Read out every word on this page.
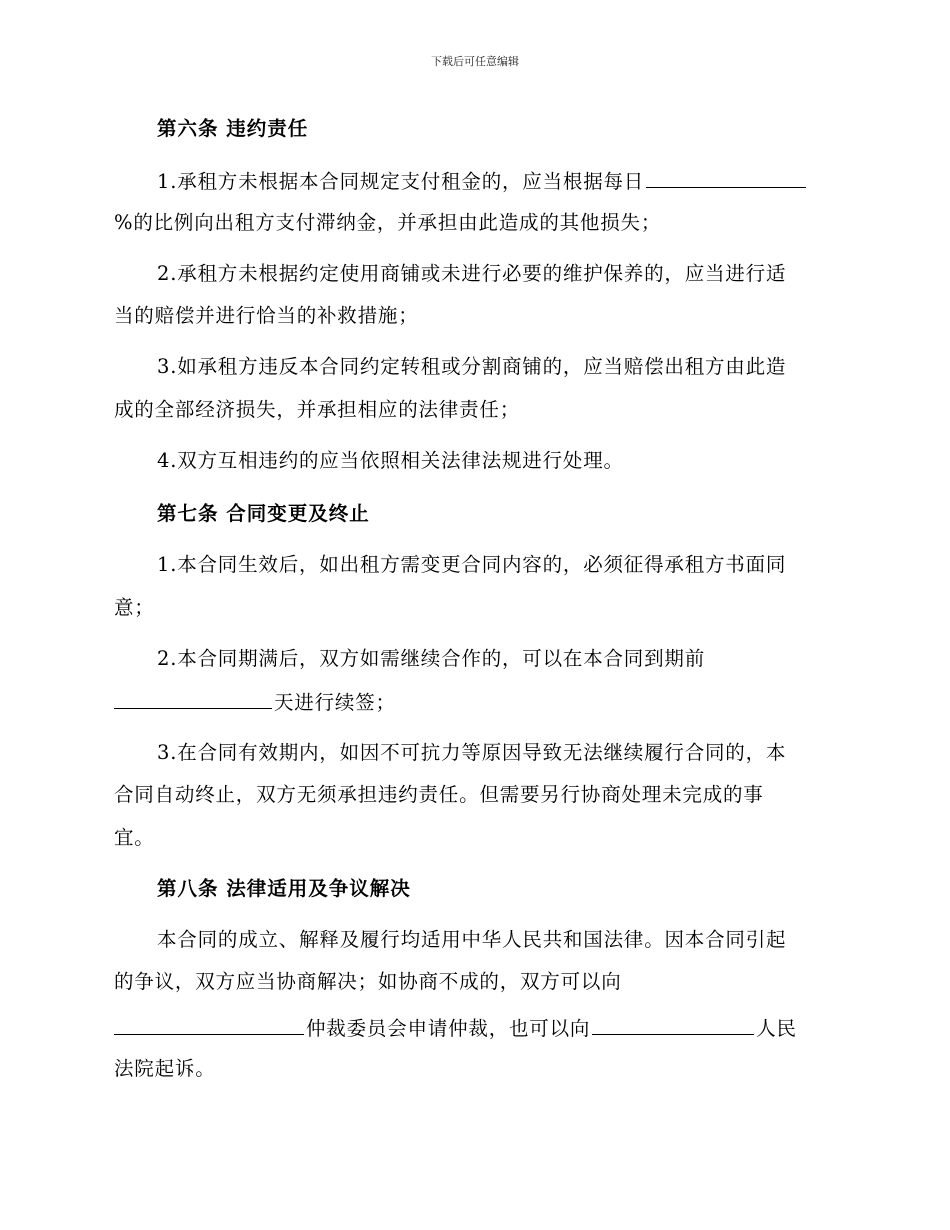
下载后可任意编辑
第六条 违约责任
1.承租方未根据本合同规定支付租金的，应当根据每日
%的比例向出租方支付滞纳金，并承担由此造成的其他损失；
2.承租方未根据约定使用商铺或未进行必要的维护保养的，应当进行适
当的赔偿并进行恰当的补救措施；
3.如承租方违反本合同约定转租或分割商铺的，应当赔偿出租方由此造
成的全部经济损失，并承担相应的法律责任；
4.双方互相违约的应当依照相关法律法规进行处理。
第七条 合同变更及终止
1.本合同生效后，如出租方需变更合同内容的，必须征得承租方书面同
意；
2.本合同期满后，双方如需继续合作的，可以在本合同到期前
天进行续签；
3.在合同有效期内，如因不可抗力等原因导致无法继续履行合同的，本
合同自动终止，双方无须承担违约责任。但需要另行协商处理未完成的事
宜。
第八条 法律适用及争议解决
本合同的成立、解释及履行均适用中华人民共和国法律。因本合同引起
的争议，双方应当协商解决；如协商不成的，双方可以向
仲裁委员会申请仲裁，也可以向	人民
法院起诉。
